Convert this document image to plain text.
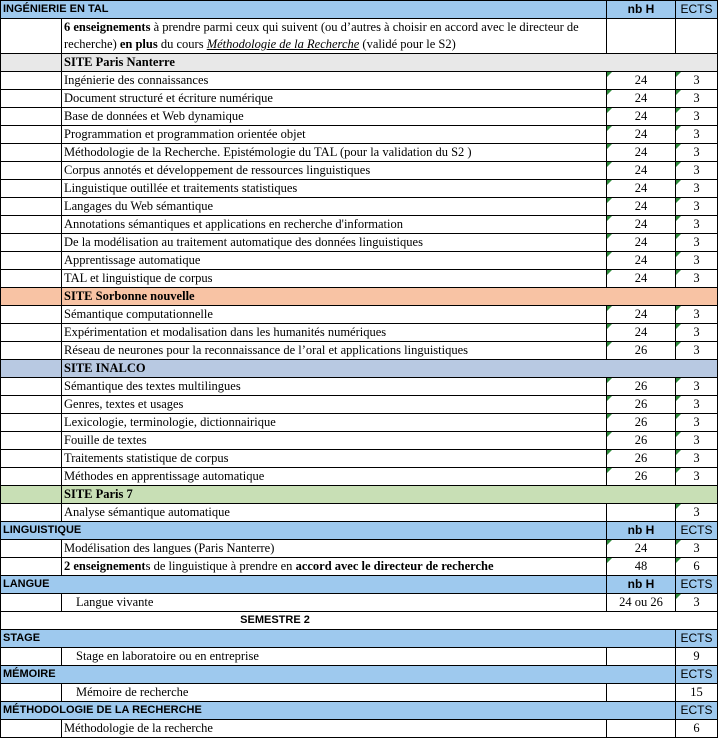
INGÉNIERIE EN TAL		nb H	ECTS
	6 enseignements à prendre parmi ceux qui suivent (ou d’autres à choisir en accord avec le directeur de recherche) en plus du cours Méthodologie de la Recherche (validé pour le S2)		
	SITE Paris Nanterre		
	Ingénierie des connaissances	24	3
	Document structuré et écriture numérique	24	3
	Base de données et Web dynamique	24	3
	Programmation et programmation orientée objet	24	3
	Méthodologie de la Recherche. Epistémologie du TAL (pour la validation du S2 )	24	3
	Corpus annotés et développement de ressources linguistiques	24	3
	Linguistique outillée et traitements statistiques	24	3
	Langages du Web sémantique	24	3
	Annotations sémantiques et applications en recherche d'information	24	3
	De la modélisation au traitement automatique des données linguistiques	24	3
	Apprentissage automatique	24	3
	TAL et linguistique de corpus	24	3
	SITE Sorbonne nouvelle		
	Sémantique computationnelle	24	3
	Expérimentation et modalisation dans les humanités numériques	24	3
	Réseau de neurones pour la reconnaissance de l’oral et applications linguistiques	26	3
	SITE INALCO		
	Sémantique des textes multilingues	26	3
	Genres, textes et usages	26	3
	Lexicologie, terminologie, dictionnairique	26	3
	Fouille de textes	26	3
	Traitements statistique de corpus	26	3
	Méthodes en apprentissage automatique	26	3
	SITE Paris 7		
	Analyse sémantique automatique		3
LINGUISTIQUE		nb H	ECTS
	Modélisation des langues (Paris Nanterre)	24	3
	2 enseignements de linguistique à prendre en accord avec le directeur de recherche	48	6
LANGUE		nb H	ECTS
	Langue vivante	24 ou 26	3
SEMESTRE 2			
STAGE			ECTS
	Stage en laboratoire ou en entreprise		9
MÉMOIRE			ECTS
	Mémoire de recherche		15
MÉTHODOLOGIE DE LA RECHERCHE			ECTS
	Méthodologie de la recherche		6
